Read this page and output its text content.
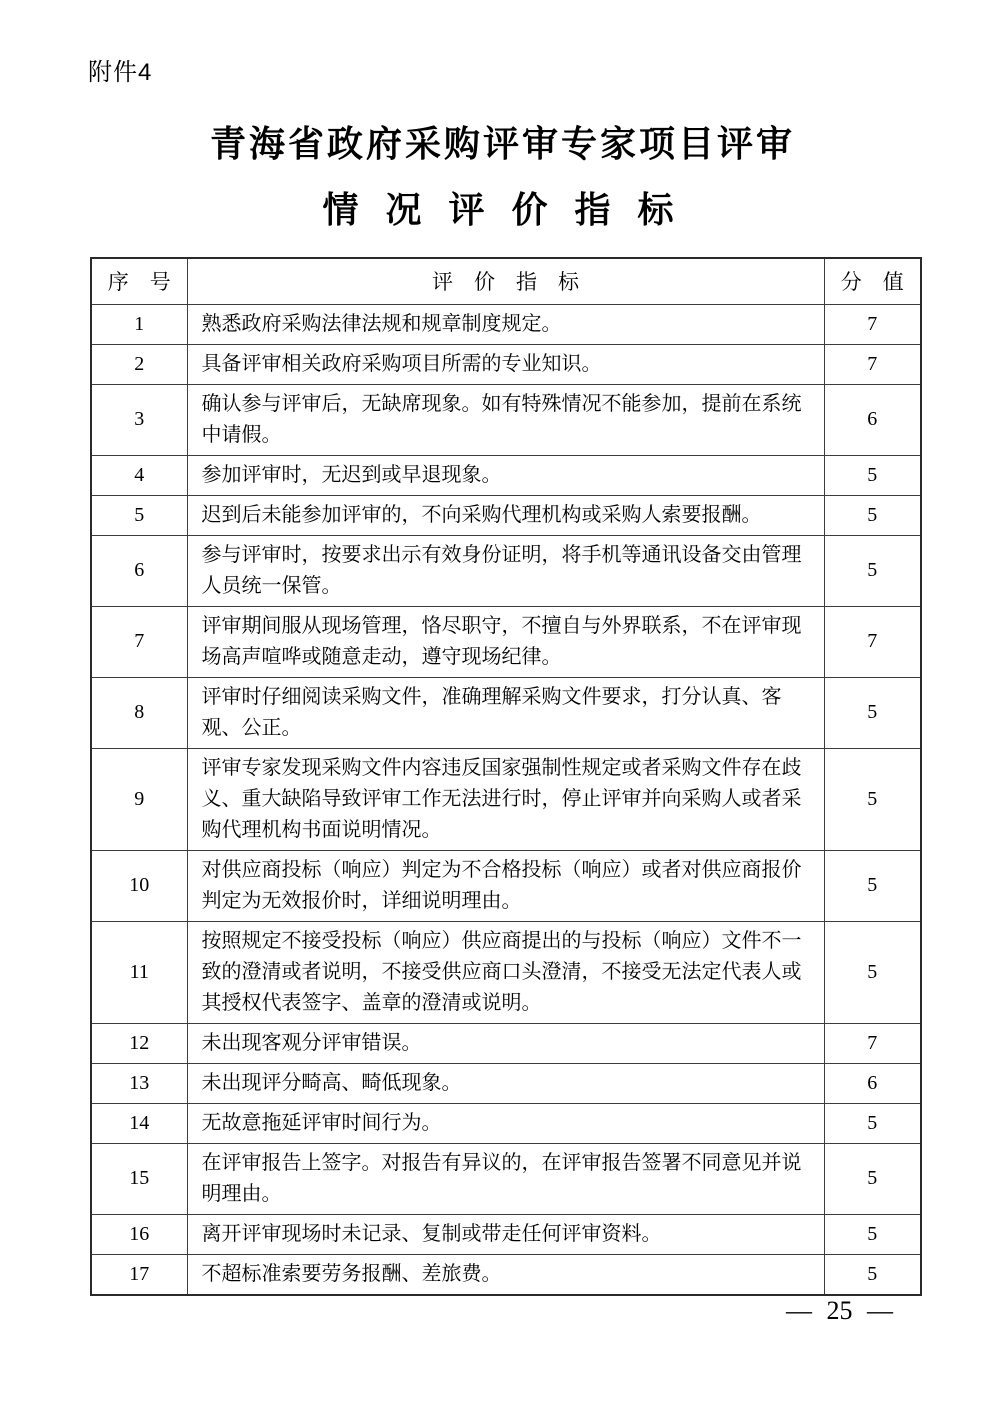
附件4
青海省政府采购评审专家项目评审
情 况 评 价 指 标
序　号	评　价　指　标	分　值
1	熟悉政府采购法律法规和规章制度规定。	7
2	具备评审相关政府采购项目所需的专业知识。	7
3	确认参与评审后，无缺席现象。如有特殊情况不能参加，提前在系统中请假。	6
4	参加评审时，无迟到或早退现象。	5
5	迟到后未能参加评审的，不向采购代理机构或采购人索要报酬。	5
6	参与评审时，按要求出示有效身份证明，将手机等通讯设备交由管理人员统一保管。	5
7	评审期间服从现场管理，恪尽职守，不擅自与外界联系，不在评审现场高声喧哗或随意走动，遵守现场纪律。	7
8	评审时仔细阅读采购文件，准确理解采购文件要求，打分认真、客观、公正。	5
9	评审专家发现采购文件内容违反国家强制性规定或者采购文件存在歧义、重大缺陷导致评审工作无法进行时，停止评审并向采购人或者采购代理机构书面说明情况。	5
10	对供应商投标（响应）判定为不合格投标（响应）或者对供应商报价判定为无效报价时，详细说明理由。	5
11	按照规定不接受投标（响应）供应商提出的与投标（响应）文件不一致的澄清或者说明，不接受供应商口头澄清，不接受无法定代表人或其授权代表签字、盖章的澄清或说明。	5
12	未出现客观分评审错误。	7
13	未出现评分畸高、畸低现象。	6
14	无故意拖延评审时间行为。	5
15	在评审报告上签字。对报告有异议的，在评审报告签署不同意见并说明理由。	5
16	离开评审现场时未记录、复制或带走任何评审资料。	5
17	不超标准索要劳务报酬、差旅费。	5
— 25 —
